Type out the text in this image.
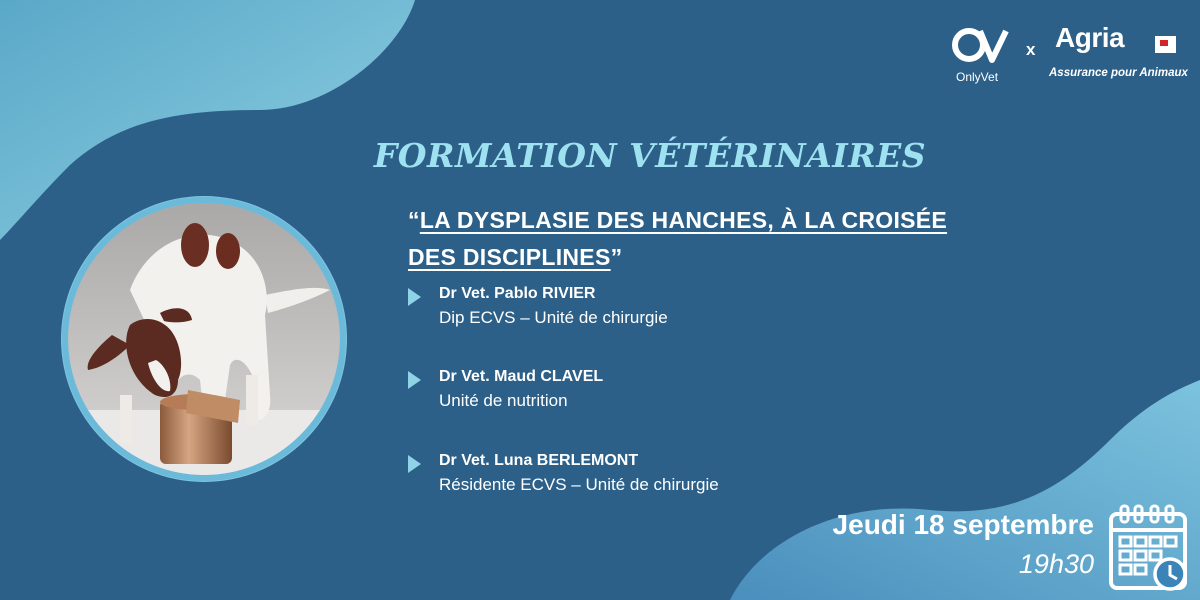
OnlyVet
x Agria
Assurance pour Animaux
FORMATION VÉTÉRINAIRES
“LA DYSPLASIE DES HANCHES, À LA CROISÉE
DES DISCIPLINES”
Dr Vet. Pablo RIVIER
Dip ECVS – Unité de chirurgie
Dr Vet. Maud CLAVEL
Unité de nutrition
Dr Vet. Luna BERLEMONT
Résidente ECVS – Unité de chirurgie
Jeudi 18 septembre
19h30
